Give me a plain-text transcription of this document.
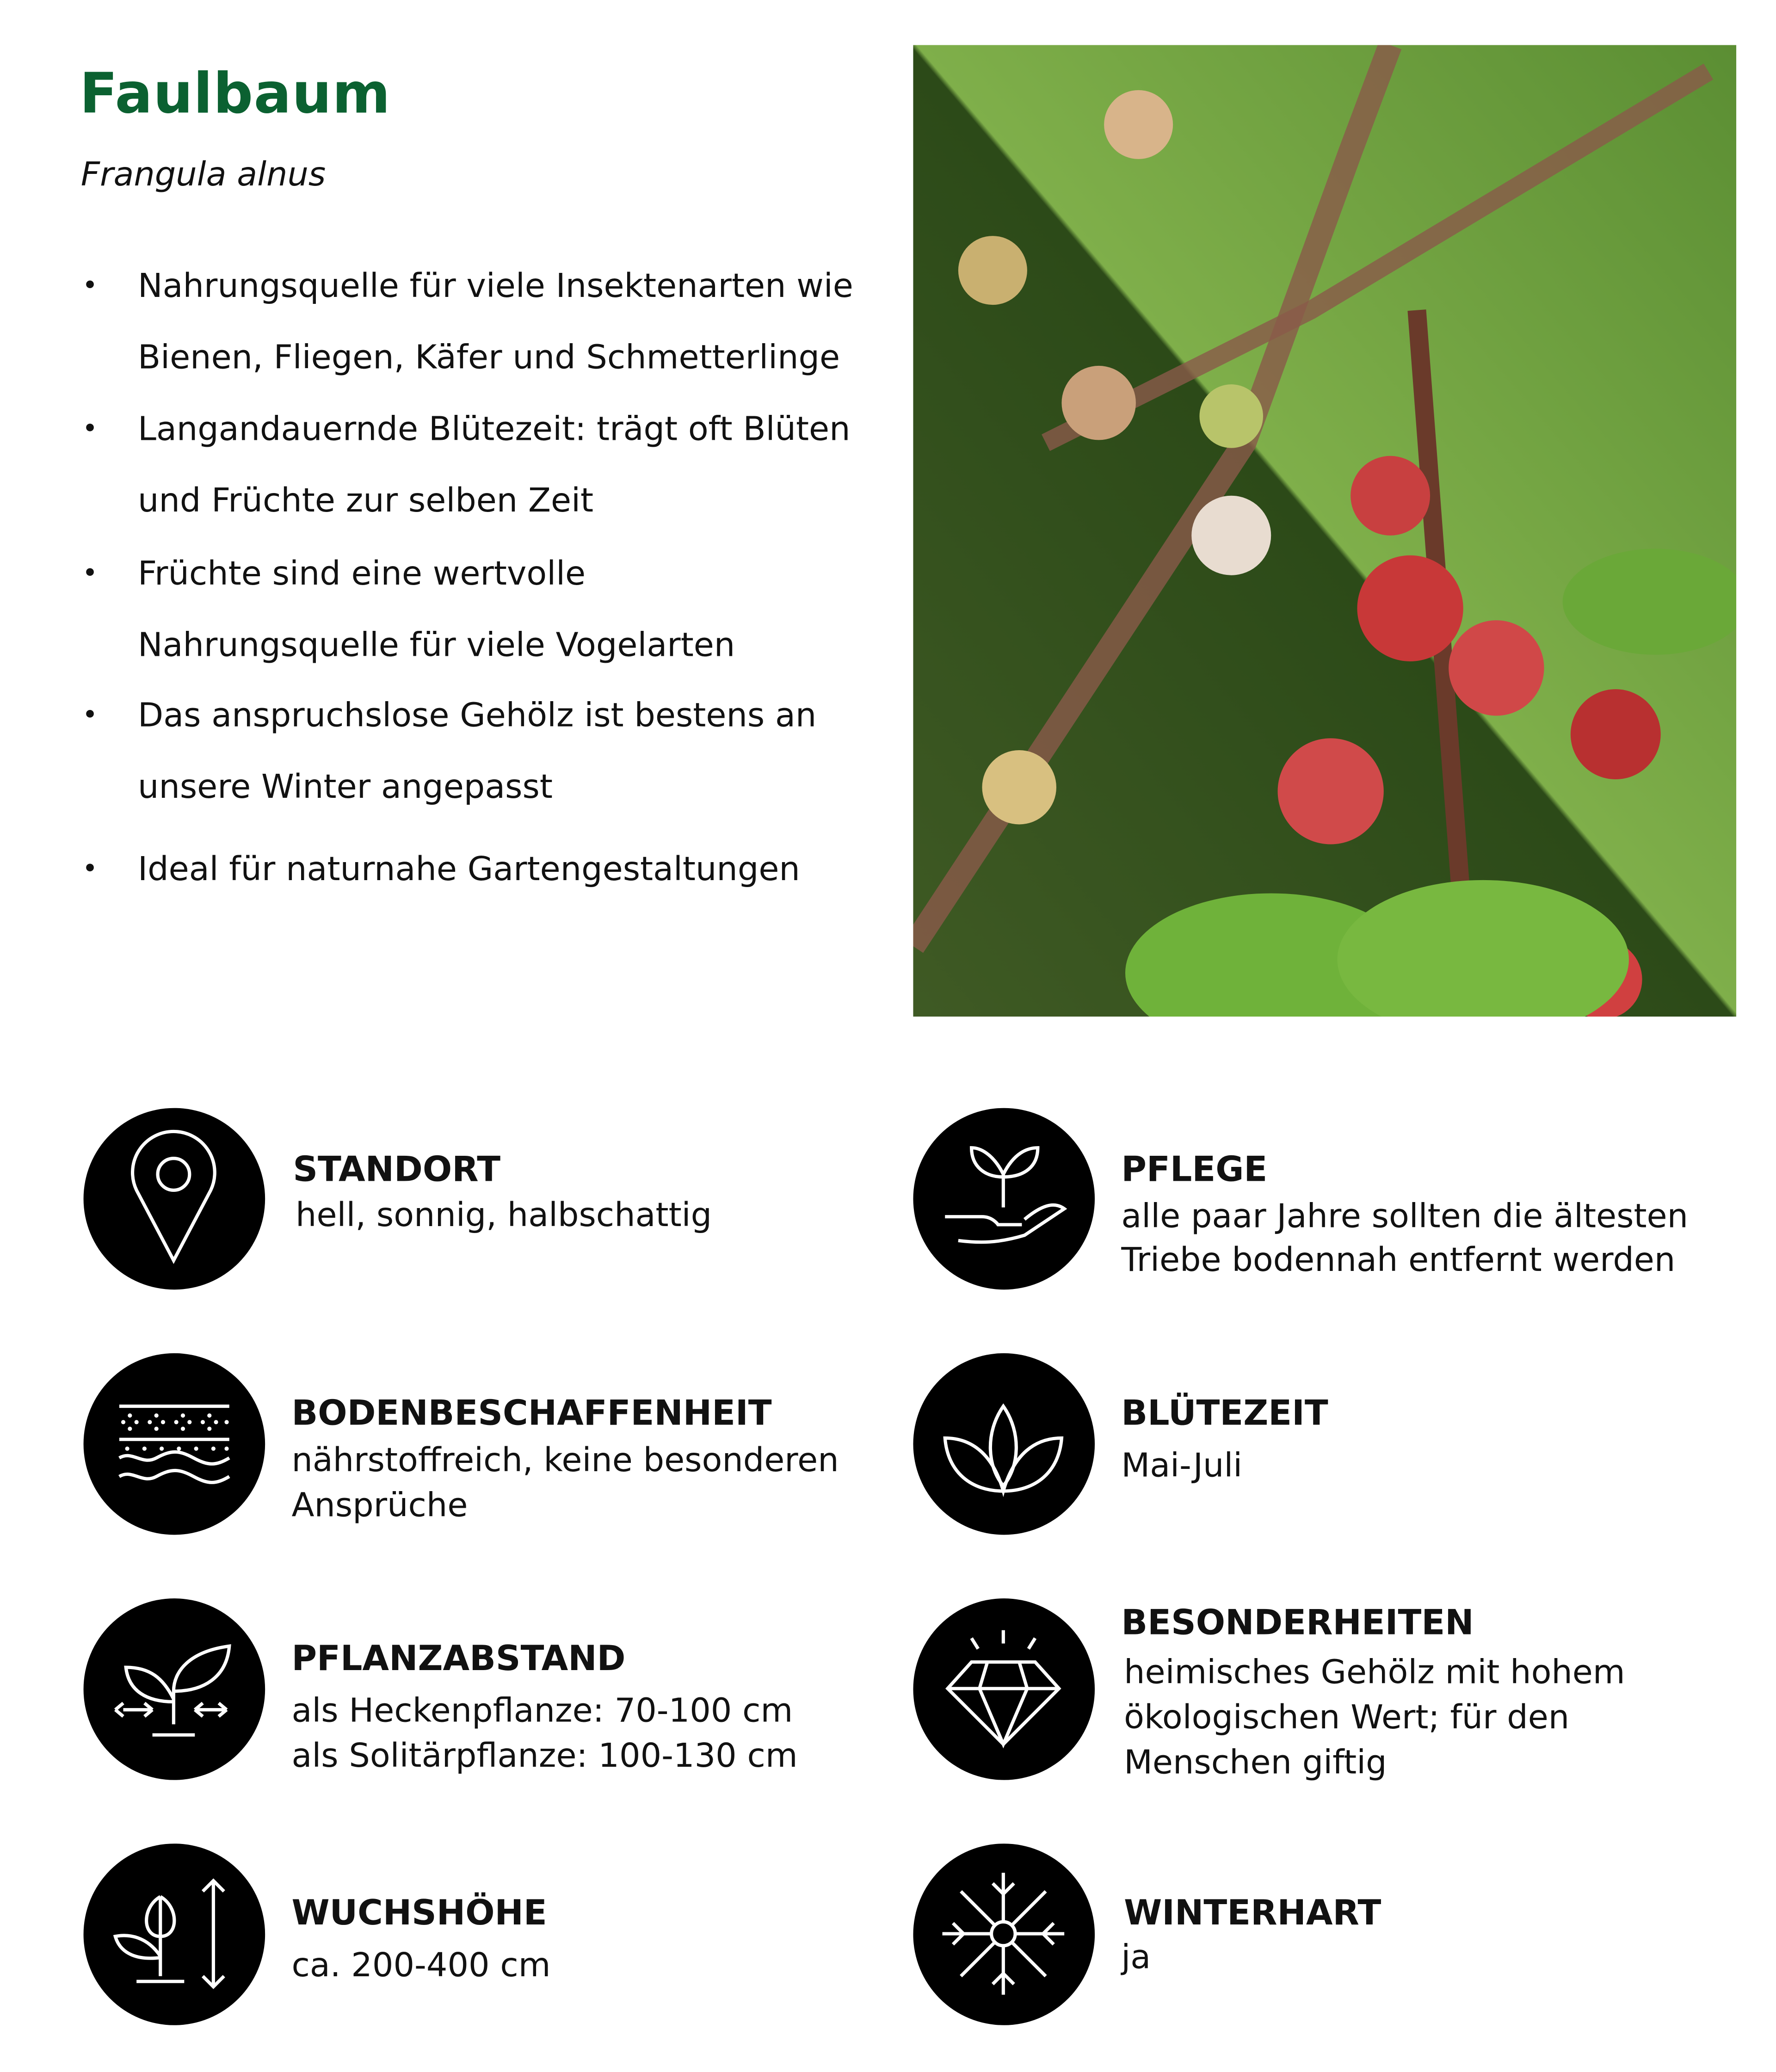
Faulbaum
Frangula alnus
•	Nahrungsquelle für viele Insektenarten wie
Bienen, Fliegen, Käfer und Schmetterlinge
•	Langandauernde Blütezeit: trägt oft Blüten
und Früchte zur selben Zeit
•	Früchte sind eine wertvolle
Nahrungsquelle für viele Vogelarten
•	Das anspruchslose Gehölz ist bestens an
unsere Winter angepasst
•	Ideal für naturnahe Gartengestaltungen
STANDORT
hell, sonnig, halbschattig
BODENBESCHAFFENHEIT
nährstoffreich, keine besonderen
Ansprüche
PFLANZABSTAND
als Heckenpflanze: 70-100 cm
als Solitärpflanze: 100-130 cm
WUCHSHÖHE
ca. 200-400 cm
PFLEGE
alle paar Jahre sollten die ältesten
Triebe bodennah entfernt werden
BLÜTEZEIT
Mai-Juli
BESONDERHEITEN
heimisches Gehölz mit hohem
ökologischen Wert; für den
Menschen giftig
WINTERHART
ja
